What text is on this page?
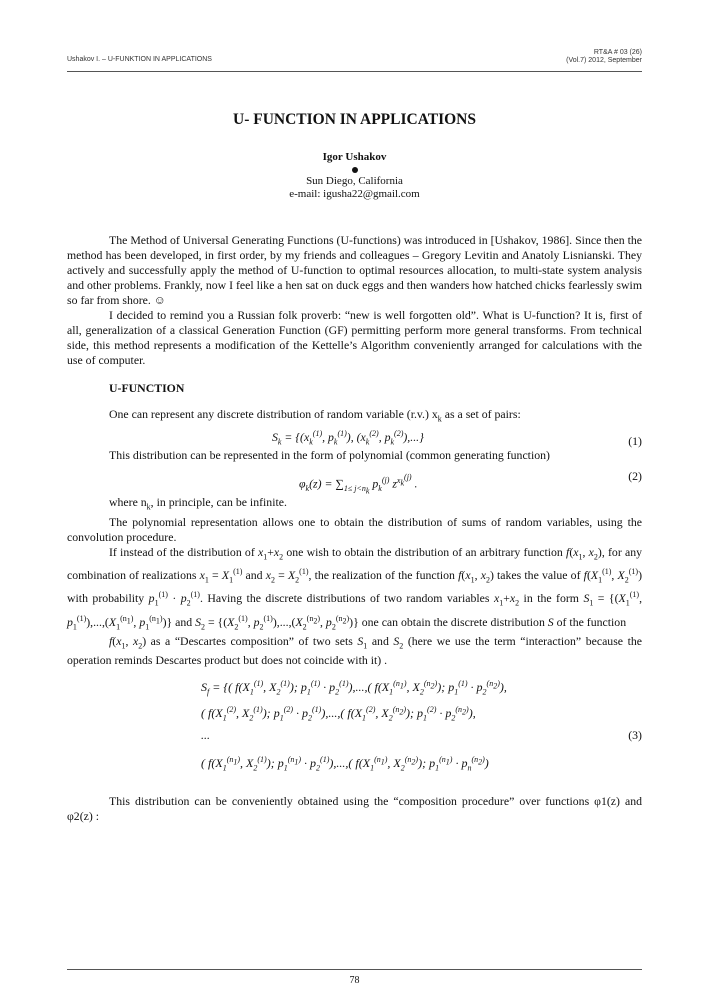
Ushakov I. – U-FUNKTION IN APPLICATIONS
RT&A # 03 (26)
(Vol.7) 2012, September
U- FUNCTION IN APPLICATIONS
Igor Ushakov
Sun Diego, California
e-mail: igusha22@gmail.com

The Method of Universal Generating Functions (U-functions) was introduced in [Ushakov, 1986]. Since then the method has been developed, in first order, by my friends and colleagues – Gregory Levitin and Anatoly Lisnianski. They actively and successfully apply the method of U-function to optimal resources allocation, to multi-state system analysis and other problems. Frankly, now I feel like a hen sat on duck eggs and then wanders how hatched chicks fearlessly swim so far from shore. ☺

I decided to remind you a Russian folk proverb: “new is well forgotten old”. What is U-function? It is, first of all, generalization of a classical Generation Function (GF) permitting perform more general transforms. From technical side, this method represents a modification of the Kettelle’s Algorithm conveniently arranged for calculations with the use of computer.

U-FUNCTION

One can represent any discrete distribution of random variable (r.v.) $x_k$ as a set of pairs:

$S_k = \{(x_k^{(1)}$, $p_k^{(1)}$), ($x_k^{(2)}$, $p_k^{(2)}$),...}	(1)

This distribution can be represented in the form of polynomial (common generating function)

$\varphi_k(z) = \sum_{1\le j<n_k}$ $p_k^{(j)}$ $z^{x_k^{(j)}}$ .
(2)

where $n_k$, in principle, can be infinite.

The polynomial representation allows one to obtain the distribution of sums of random variables, using the convolution procedure.

If instead of the distribution of $x_1+x_2$ one wish to obtain the distribution of an arbitrary function $f(x_1$, $x_2$), for any combination of realizations $x_1 = X_1^{(1)}$ and $x_2 = X_2^{(1)}$, the realization of the function $f(x_1$, $x_2$) takes the value of $f(X_1^{(1)}$, $X_2^{(1)}$) with probability $p_1^{(1)} \cdot p_2^{(1)}$. Having the discrete distributions of two random variables $x_1+x_2$ in the form $S_1 = \{(X_1^{(1)}$, $p_1^{(1)}),...,(X_1^{(n_1)}$, $p_1^{(n_1)}$)} and $S_2 = \{(X_2^{(1)}$, $p_2^{(1)}),...,(X_2^{(n_2)}$, $p_2^{(n_2)}$)} one can obtain the discrete distribution S of the function

$f(x_1$, $x_2$) as a “Descartes composition” of two sets $S_1$ and $S_2$ (here we use the term “interaction” because the operation reminds Descartes product but does not coincide with it) .

$S_f$ = {( $f(X_1^{(1)}$, $X_2^{(1)}$); $p_1^{(1)} \cdot p_2^{(1)}$),...,( $f(X_1^{(n_1)}$, $X_2^{(n_2)}$); $p_1^{(1)} \cdot p_2^{(n_2)}$),
( $f(X_1^{(2)}$, $X_2^{(1)}$); $p_1^{(2)} \cdot p_2^{(1)}$),...,( $f(X_1^{(2)}$, $X_2^{(n_2)}$); $p_1^{(2)} \cdot p_2^{(n_2)}$),
...
( $f(X_1^{(n_1)}$, $X_2^{(1)}$); $p_1^{(n_1)} \cdot p_2^{(1)}$),...,( $f(X_1^{(n_1)}$, $X_2^{(n_2)}$); $p_1^{(n_1)} \cdot p_n^{(n_2)}$)
(3)

This distribution can be conveniently obtained using the “composition procedure” over functions φ1(z) and φ2(z) :

78
